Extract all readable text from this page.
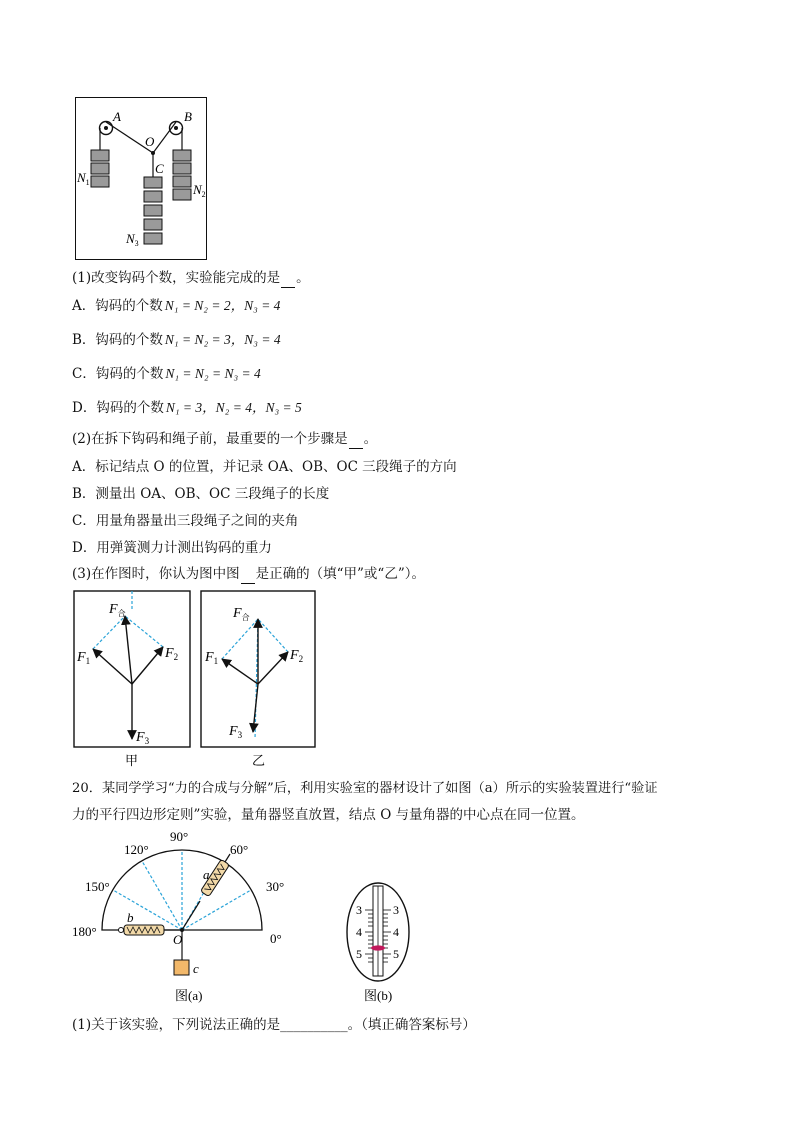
A	B
O
C
$N_1$	$N_2$
$N_3$
(1)改变钩码个数，实验能完成的是 。
A．钩码的个数 N₁ = N₂ = 2，N₃ = 4
B．钩码的个数 N₁ = N₂ = 3，N₃ = 4
C．钩码的个数 N₁ = N₂ = N₃ = 4
D．钩码的个数 N₁ = 3，N₂ = 4，N₃ = 5
(2)在拆下钩码和绳子前，最重要的一个步骤是 。
A．标记结点 O 的位置，并记录 OA、OB、OC 三段绳子的方向
B．测量出 OA、OB、OC 三段绳子的长度
C．用量角器量出三段绳子之间的夹角
D．用弹簧测力计测出钩码的重力
(3)在作图时，你认为图中图 是正确的（填“甲”或“乙”）。
$F_合$
$F_1$	$F_2$
$F_3$
甲
$F_合$
$F_1$	$F_2$
$F_3$
乙
20．某同学学习“力的合成与分解”后，利用实验室的器材设计了如图（a）所示的实验装置进行“验证
力的平行四边形定则”实验，量角器竖直放置，结点 O 与量角器的中心点在同一位置。
90°
120°	60°
150°	30°
180°	0°
a
b
c
O
图(a)
3
4
5
3
4
5
图(b)
(1)关于该实验，下列说法正确的是__________。（填正确答案标号）
